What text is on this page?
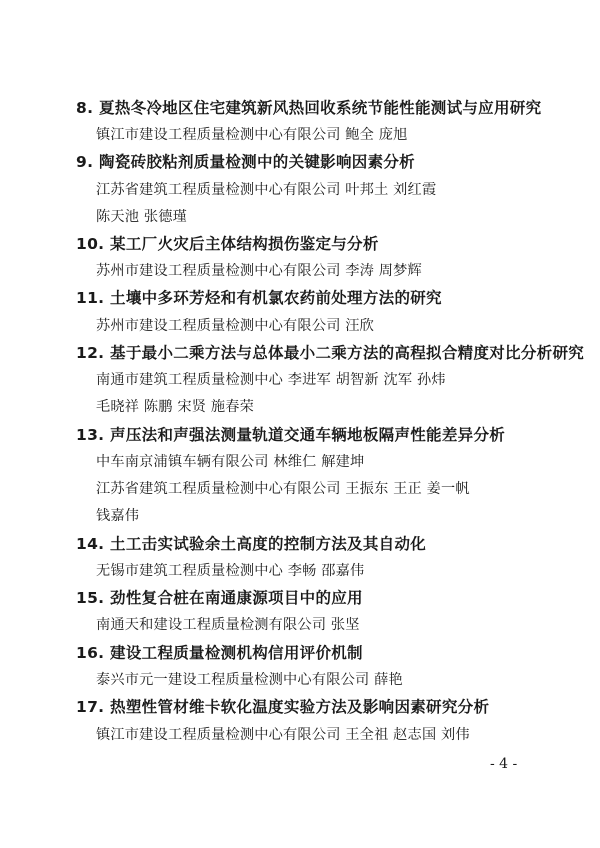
8. 夏热冬冷地区住宅建筑新风热回收系统节能性能测试与应用研究
镇江市建设工程质量检测中心有限公司 鲍全 庞旭
9. 陶瓷砖胶粘剂质量检测中的关键影响因素分析
江苏省建筑工程质量检测中心有限公司 叶邦土 刘红霞
陈天池 张德瑾
10. 某工厂火灾后主体结构损伤鉴定与分析
苏州市建设工程质量检测中心有限公司 李涛 周梦辉
11. 土壤中多环芳烃和有机氯农药前处理方法的研究
苏州市建设工程质量检测中心有限公司 汪欣
12. 基于最小二乘方法与总体最小二乘方法的高程拟合精度对比分析研究
南通市建筑工程质量检测中心 李进军 胡智新 沈军 孙炜
毛晓祥 陈鹏 宋贤 施春荣
13. 声压法和声强法测量轨道交通车辆地板隔声性能差异分析
中车南京浦镇车辆有限公司 林维仁 解建坤
江苏省建筑工程质量检测中心有限公司 王振东 王正 姜一帆
钱嘉伟
14. 土工击实试验余土高度的控制方法及其自动化
无锡市建筑工程质量检测中心 李畅 邵嘉伟
15. 劲性复合桩在南通康源项目中的应用
南通天和建设工程质量检测有限公司 张坚
16. 建设工程质量检测机构信用评价机制
泰兴市元一建设工程质量检测中心有限公司 薛艳
17. 热塑性管材维卡软化温度实验方法及影响因素研究分析
镇江市建设工程质量检测中心有限公司 王全祖 赵志国 刘伟
- 4 -
